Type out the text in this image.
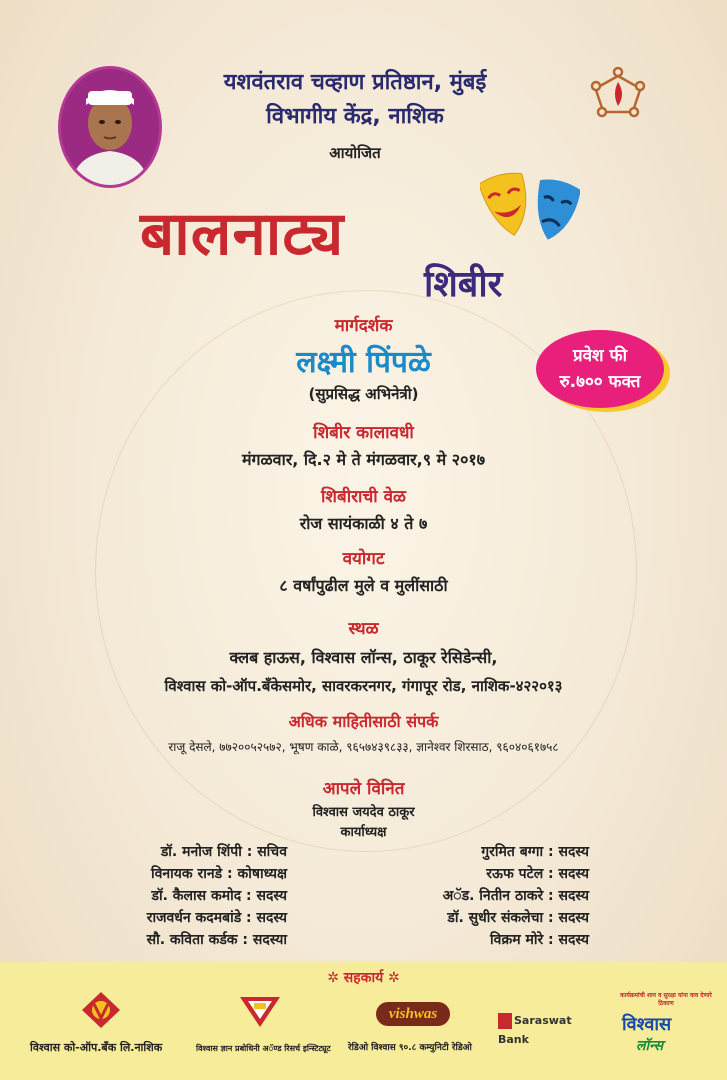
यशवंतराव चव्हाण प्रतिष्ठान, मुंबई
विभागीय केंद्र, नाशिक
आयोजित
बालनाट्य
शिबीर
प्रवेश फी
रु.७०० फक्त
मार्गदर्शक
लक्ष्मी पिंपळे
(सुप्रसिद्ध अभिनेत्री)
शिबीर कालावधी
मंगळवार, दि.२ मे ते मंगळवार,९ मे २०१७
शिबीराची वेळ
रोज सायंकाळी ४ ते ७
वयोगट
८ वर्षांपुढील मुले व मुलींसाठी
स्थळ
क्लब हाऊस, विश्वास लॉन्स, ठाकूर रेसिडेन्सी,
विश्वास को-ऑप.बँकेसमोर, सावरकरनगर, गंगापूर रोड, नाशिक-४२२०१३
अधिक माहितीसाठी संपर्क
राजू देसले, ७७२००५२५७२, भूषण काळे, ९६५७४३९८३३, ज्ञानेश्वर शिरसाठ, ९६०४०६१७५८
आपले विनित
विश्वास जयदेव ठाकूर
कार्याध्यक्ष
डॉ. मनोज शिंपी : सचिव
विनायक रानडे : कोषाध्यक्ष
डॉ. कैलास कमोद : सदस्य
राजवर्धन कदमबांडे : सदस्य
सौ. कविता कर्डक : सदस्या
गुरमित बग्गा : सदस्य
रऊफ पटेल : सदस्य
अॅड. नितीन ठाकरे : सदस्य
डॉ. सुधीर संकलेचा : सदस्य
विक्रम मोरे : सदस्य
✲ सहकार्य ✲
विश्वास को-ऑप.बँक लि.नाशिक	विश्वास ज्ञान प्रबोधिनी अॅण्ड रिसर्च इन्स्टिट्यूट
vishwas
रेडिओ विश्वास ९०.८ कम्युनिटी रेडिओ
Saraswat Bank
कार्यक्रमांची शान व सुरक्षा यांना वाव देणारे ठिकाण
विश्वास
लॉन्स
